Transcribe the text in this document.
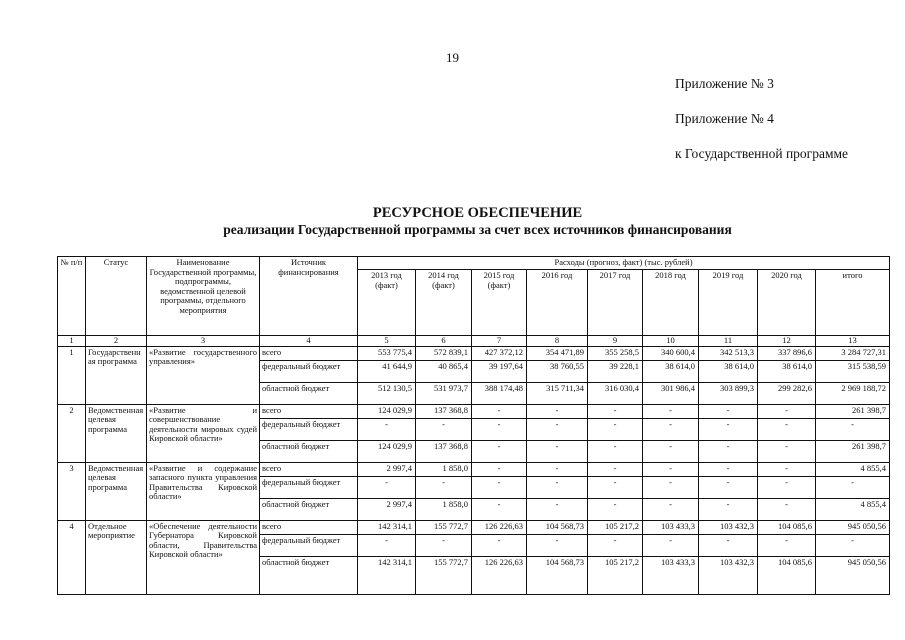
19
Приложение № 3
Приложение № 4
к Государственной программе
РЕСУРСНОЕ ОБЕСПЕЧЕНИЕ
реализации Государственной программы за счет всех источников финансирования
№ п/п	Статус	Наименование Государственной программы, подпрограммы, ведомственной целевой программы, отдельного мероприятия	Источник финансирования	Расходы (прогноз, факт) (тыс. рублей)								
				2013 год (факт)	2014 год (факт)	2015 год (факт)	2016 год	2017 год	2018 год	2019 год	2020 год	итого
1	2	3	4	5	6	7	8	9	10	11	12	13
1	Государственная программа	«Развитие государственного управления»	всего	553 775,4	572 839,1	427 372,12	354 471,89	355 258,5	340 600,4	342 513,3	337 896,6	3 284 727,31
			федеральный бюджет	41 644,9	40 865,4	39 197,64	38 760,55	39 228,1	38 614,0	38 614,0	38 614,0	315 538,59
			областной бюджет	512 130,5	531 973,7	388 174,48	315 711,34	316 030,4	301 986,4	303 899,3	299 282,6	2 969 188,72
2	Ведомственная целевая программа	«Развитие и совершенствование деятельности мировых судей Кировской области»	всего	124 029,9	137 368,8	-	-	-	-	-	-	261 398,7
			федеральный бюджет	-	-	-	-	-	-	-	-	-
			областной бюджет	124 029,9	137 368,8	-	-	-	-	-	-	261 398,7
3	Ведомственная целевая программа	«Развитие и содержание запасного пункта управления Правительства Кировской области»	всего	2 997,4	1 858,0	-	-	-	-	-	-	4 855,4
			федеральный бюджет	-	-	-	-	-	-	-	-	-
			областной бюджет	2 997,4	1 858,0	-	-	-	-	-	-	4 855,4
4	Отдельное мероприятие	«Обеспечение деятельности Губернатора Кировской области, Правительства Кировской области»	всего	142 314,1	155 772,7	126 226,63	104 568,73	105 217,2	103 433,3	103 432,3	104 085,6	945 050,56
			федеральный бюджет	-	-	-	-	-	-	-	-	-
			областной бюджет	142 314,1	155 772,7	126 226,63	104 568,73	105 217,2	103 433,3	103 432,3	104 085,6	945 050,56
